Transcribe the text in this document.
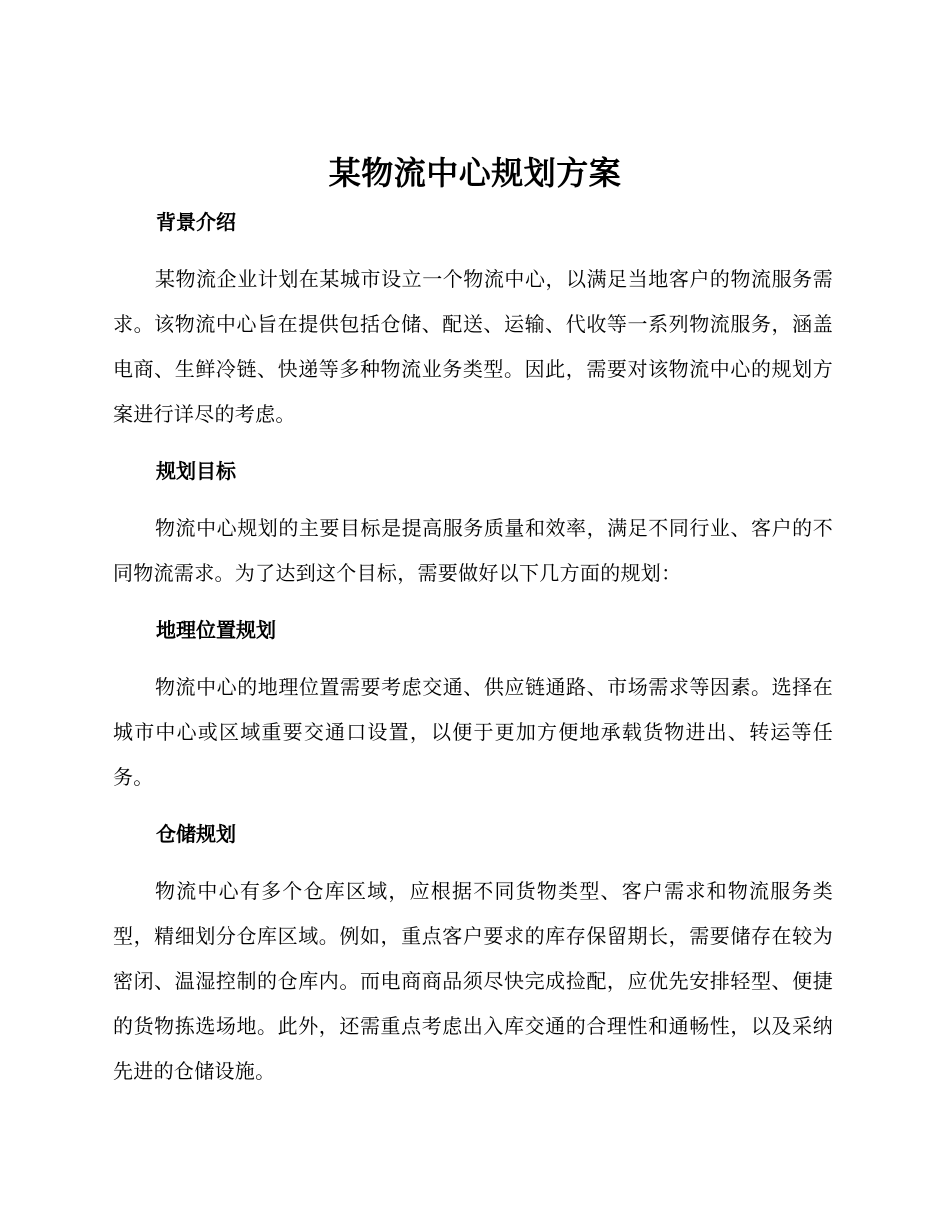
某物流中心规划方案
背景介绍

某物流企业计划在某城市设立一个物流中心，以满足当地客户的物流服务需求。该物流中心旨在提供包括仓储、配送、运输、代收等一系列物流服务，涵盖电商、生鲜冷链、快递等多种物流业务类型。因此，需要对该物流中心的规划方案进行详尽的考虑。

规划目标

物流中心规划的主要目标是提高服务质量和效率，满足不同行业、客户的不同物流需求。为了达到这个目标，需要做好以下几方面的规划：

地理位置规划

物流中心的地理位置需要考虑交通、供应链通路、市场需求等因素。选择在城市中心或区域重要交通口设置，以便于更加方便地承载货物进出、转运等任务。

仓储规划

物流中心有多个仓库区域，应根据不同货物类型、客户需求和物流服务类型，精细划分仓库区域。例如，重点客户要求的库存保留期长，需要储存在较为密闭、温湿控制的仓库内。而电商商品须尽快完成捡配，应优先安排轻型、便捷的货物拣选场地。此外，还需重点考虑出入库交通的合理性和通畅性，以及采纳先进的仓储设施。
